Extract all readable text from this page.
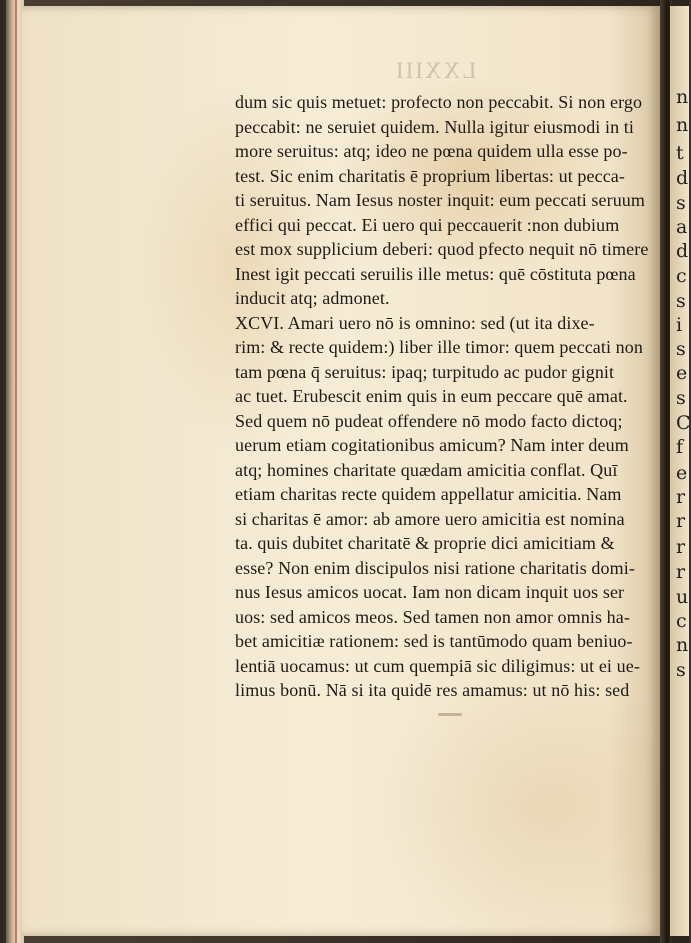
LXXIII
dum sic quis metuet: profecto non peccabit. Si non ergo
peccabit: ne seruiet quidem. Nulla igitur eiusmodi in ti
more seruitus: atq; ideo ne pœna quidem ulla esse po-
test. Sic enim charitatis ē proprium libertas: ut pecca-
ti seruitus. Nam Iesus noster inquit: eum peccati seruum
effici qui peccat. Ei uero qui peccauerit :non dubium
est mox supplicium deberi: quod pfecto nequit nō timere
Inest igit peccati seruilis ille metus: quē cōstituta pœna
inducit atq; admonet.
XCVI. Amari uero nō is omnino: sed (ut ita dixe-
rim: & recte quidem:) liber ille timor: quem peccati non
tam pœna q̄ seruitus: ipaq; turpitudo ac pudor gignit
ac tuet. Erubescit enim quis in eum peccare quē amat.
Sed quem nō pudeat offendere nō modo facto dictoq;
uerum etiam cogitationibus amicum? Nam inter deum
atq; homines charitate quædam amicitia conflat. Quī
etiam charitas recte quidem appellatur amicitia. Nam
si charitas ē amor: ab amore uero amicitia est nomina
ta. quis dubitet charitatē & proprie dici amicitiam &
esse? Non enim discipulos nisi ratione charitatis domi-
nus Iesus amicos uocat. Iam non dicam inquit uos ser
uos: sed amicos meos. Sed tamen non amor omnis ha-
bet amicitiæ rationem: sed is tantūmodo quam beniuo-
lentiā uocamus: ut cum quempiā sic diligimus: ut ei ue-
limus bonū. Nā si ita quidē res amamus: ut nō his: sed
n
n
t
d
s
a
d
c
s
i
s
e
s
C
f
e
r
r
r
r
u
c
n
s
